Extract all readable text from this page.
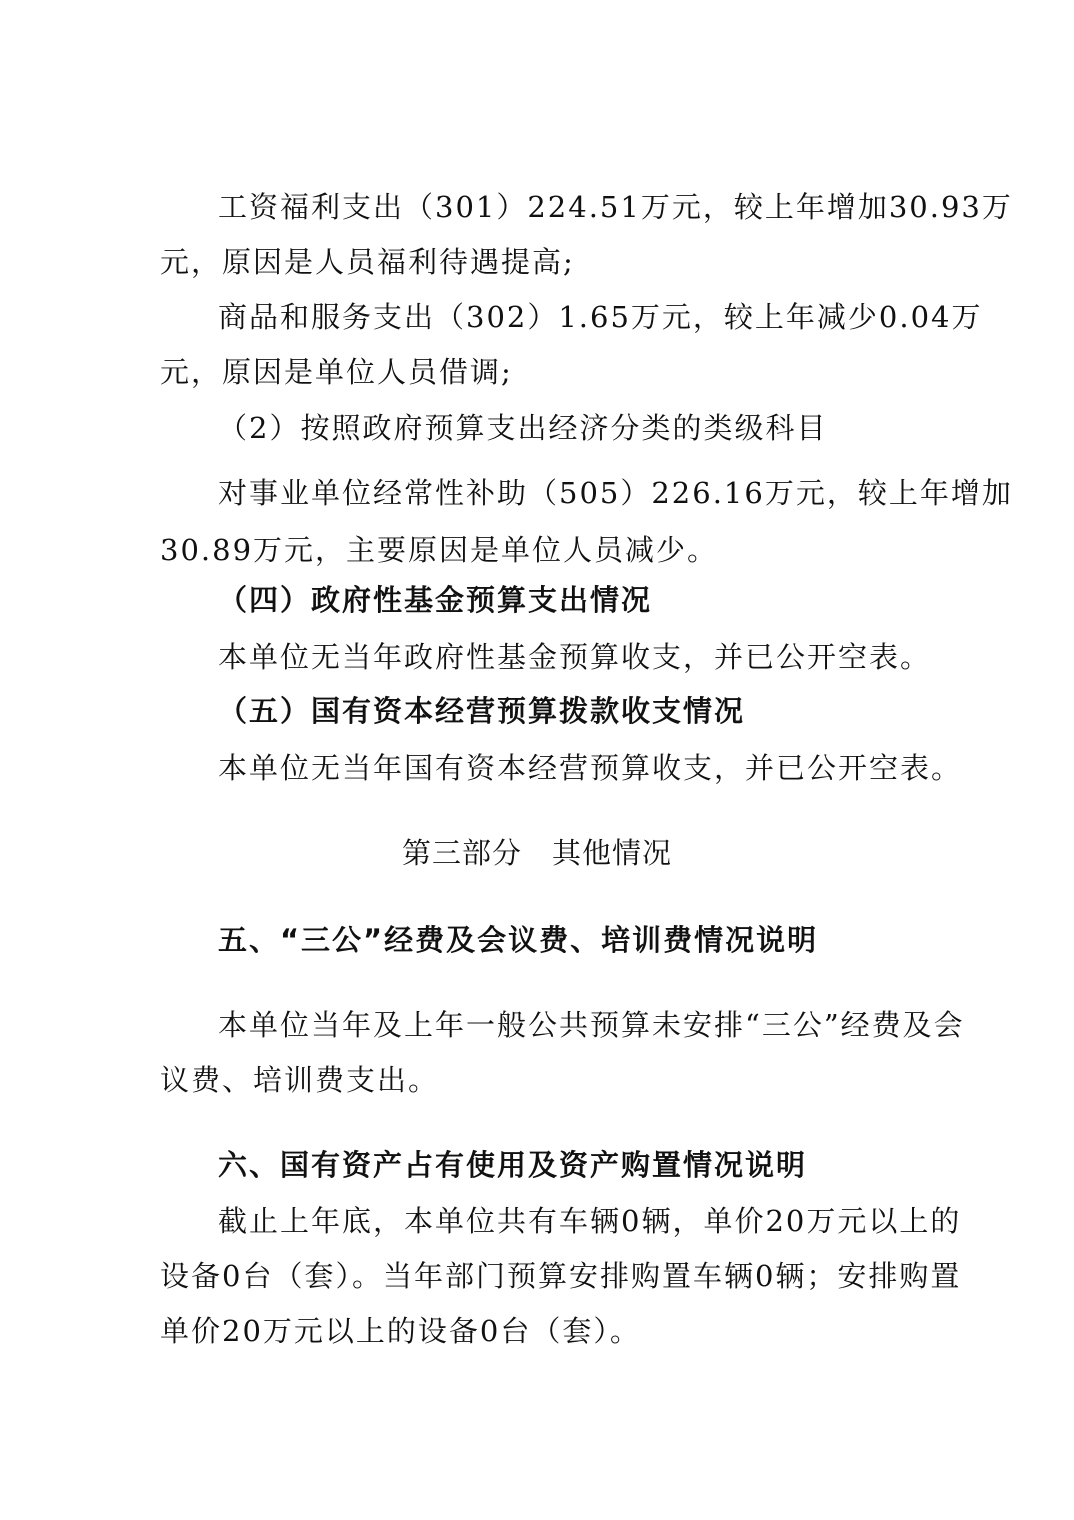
工资福利支出（301）224.51万元，较上年增加30.93万
元，原因是人员福利待遇提高;
商品和服务支出（302）1.65万元，较上年减少0.04万
元，原因是单位人员借调;
（2）按照政府预算支出经济分类的类级科目
对事业单位经常性补助（505）226.16万元，较上年增加
30.89万元，主要原因是单位人员减少。
（四）政府性基金预算支出情况
本单位无当年政府性基金预算收支，并已公开空表。
（五）国有资本经营预算拨款收支情况
本单位无当年国有资本经营预算收支，并已公开空表。
第三部分　其他情况
五、“三公”经费及会议费、培训费情况说明
本单位当年及上年一般公共预算未安排“三公”经费及会
议费、培训费支出。
六、国有资产占有使用及资产购置情况说明
截止上年底，本单位共有车辆0辆，单价20万元以上的
设备0台（套）。当年部门预算安排购置车辆0辆；安排购置
单价20万元以上的设备0台（套）。
